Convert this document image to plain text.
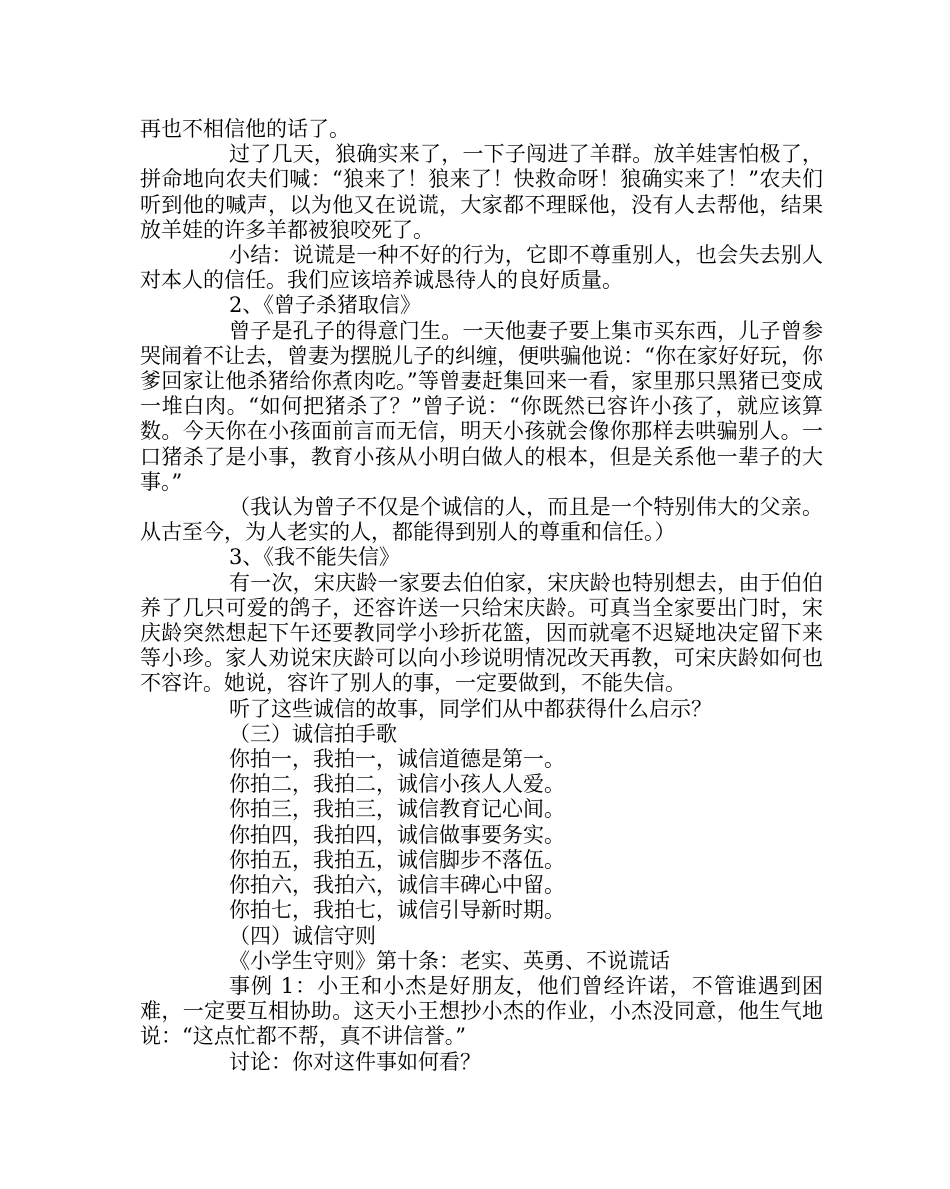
再也不相信他的话了。

过了几天，狼确实来了，一下子闯进了羊群。放羊娃害怕极了，拼命地向农夫们喊：“狼来了！狼来了！快救命呀！狼确实来了！”农夫们听到他的喊声，以为他又在说谎，大家都不理睬他，没有人去帮他，结果放羊娃的许多羊都被狼咬死了。

小结：说谎是一种不好的行为，它即不尊重别人，也会失去别人对本人的信任。我们应该培养诚恳待人的良好质量。

2、《曾子杀猪取信》

曾子是孔子的得意门生。一天他妻子要上集市买东西，儿子曾参哭闹着不让去，曾妻为摆脱儿子的纠缠，便哄骗他说：“你在家好好玩，你爹回家让他杀猪给你煮肉吃。”等曾妻赶集回来一看，家里那只黑猪已变成一堆白肉。“如何把猪杀了？”曾子说：“你既然已容许小孩了，就应该算数。今天你在小孩面前言而无信，明天小孩就会像你那样去哄骗别人。一口猪杀了是小事，教育小孩从小明白做人的根本，但是关系他一辈子的大事。”

（我认为曾子不仅是个诚信的人，而且是一个特别伟大的父亲。从古至今，为人老实的人，都能得到别人的尊重和信任。）

3、《我不能失信》

有一次，宋庆龄一家要去伯伯家，宋庆龄也特别想去，由于伯伯养了几只可爱的鸽子，还容许送一只给宋庆龄。可真当全家要出门时，宋庆龄突然想起下午还要教同学小珍折花篮，因而就毫不迟疑地决定留下来等小珍。家人劝说宋庆龄可以向小珍说明情况改天再教，可宋庆龄如何也不容许。她说，容许了别人的事，一定要做到，不能失信。

听了这些诚信的故事，同学们从中都获得什么启示？

（三）诚信拍手歌

你拍一，我拍一，诚信道德是第一。

你拍二，我拍二，诚信小孩人人爱。

你拍三，我拍三，诚信教育记心间。

你拍四，我拍四，诚信做事要务实。

你拍五，我拍五，诚信脚步不落伍。

你拍六，我拍六，诚信丰碑心中留。

你拍七，我拍七，诚信引导新时期。

（四）诚信守则

《小学生守则》第十条：老实、英勇、不说谎话

事例 1：小王和小杰是好朋友，他们曾经许诺，不管谁遇到困难，一定要互相协助。这天小王想抄小杰的作业，小杰没同意，他生气地说：“这点忙都不帮，真不讲信誉。”

讨论：你对这件事如何看？
